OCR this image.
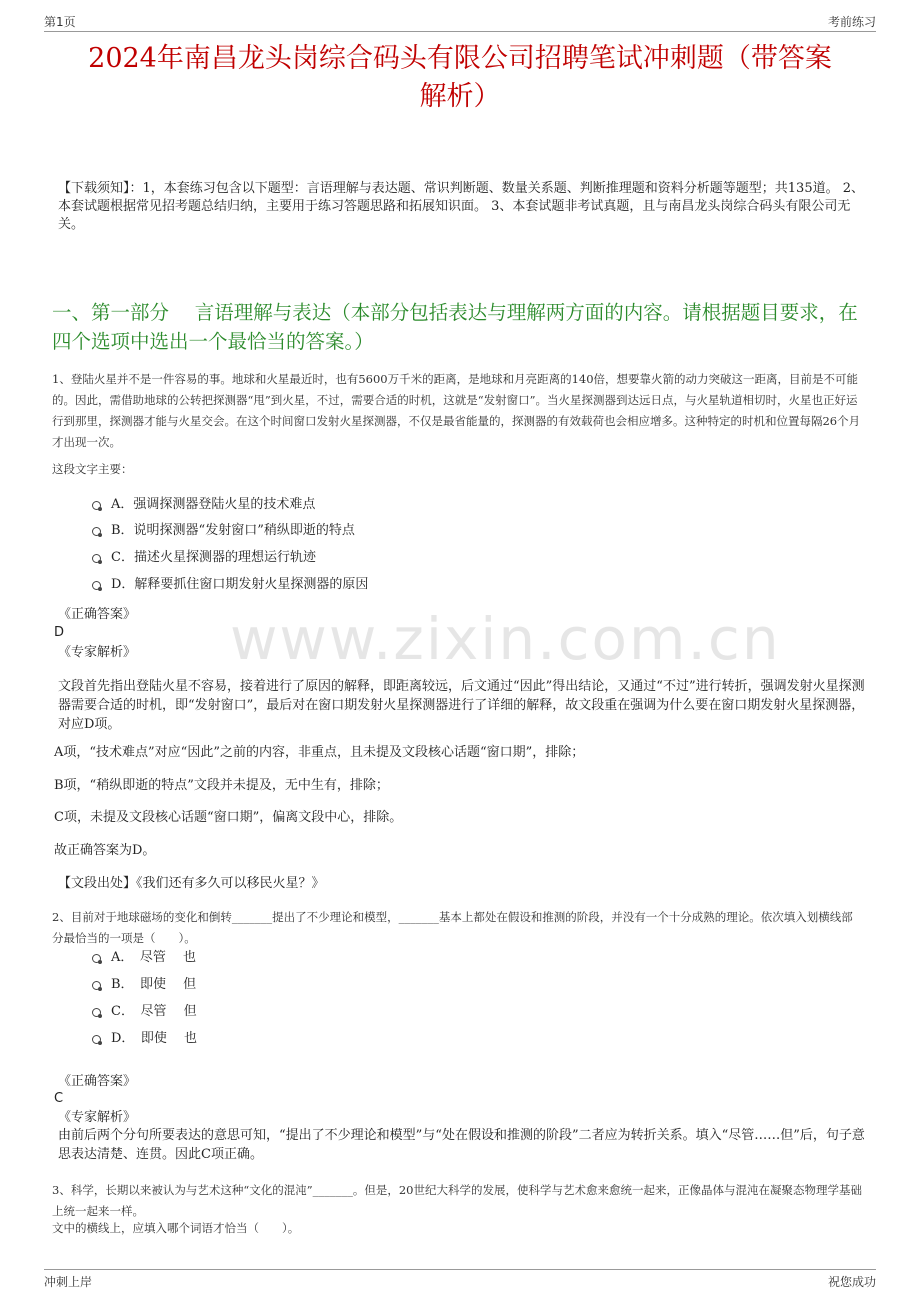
第1页	考前练习
2024年南昌龙头岗综合码头有限公司招聘笔试冲刺题（带答案
解析）
【下载须知】：1，本套练习包含以下题型：言语理解与表达题、常识判断题、数量关系题、判断推理题和资料分析题等题型；共135道。 2、本套试题根据常见招考题总结归纳，主要用于练习答题思路和拓展知识面。 3、本套试题非考试真题，且与南昌龙头岗综合码头有限公司无关。
一、第一部分　 言语理解与表达（本部分包括表达与理解两方面的内容。请根据题目要求，在四个选项中选出一个最恰当的答案。）
www.zixin.com.cn
1、登陆火星并不是一件容易的事。地球和火星最近时，也有5600万千米的距离，是地球和月亮距离的140倍，想要靠火箭的动力突破这一距离，目前是不可能的。因此，需借助地球的公转把探测器“甩”到火星，不过，需要合适的时机，这就是“发射窗口”。当火星探测器到达远日点，与火星轨道相切时，火星也正好运行到那里，探测器才能与火星交会。在这个时间窗口发射火星探测器，不仅是最省能量的，探测器的有效载荷也会相应增多。这种特定的时机和位置每隔26个月才出现一次。
这段文字主要：
A．强调探测器登陆火星的技术难点
B．说明探测器“发射窗口”稍纵即逝的特点
C．描述火星探测器的理想运行轨迹
D．解释要抓住窗口期发射火星探测器的原因
《正确答案》
D
《专家解析》
文段首先指出登陆火星不容易，接着进行了原因的解释，即距离较远，后文通过“因此”得出结论，又通过“不过”进行转折，强调发射火星探测器需要合适的时机，即“发射窗口”，最后对在窗口期发射火星探测器进行了详细的解释，故文段重在强调为什么要在窗口期发射火星探测器，对应D项。
A项，“技术难点”对应“因此”之前的内容，非重点，且未提及文段核心话题“窗口期”，排除；
B项，“稍纵即逝的特点”文段并未提及，无中生有，排除；
C项，未提及文段核心话题“窗口期”，偏离文段中心，排除。
故正确答案为D。
【文段出处】《我们还有多久可以移民火星？》
2、目前对于地球磁场的变化和倒转_______提出了不少理论和模型，_______基本上都处在假设和推测的阶段，并没有一个十分成熟的理论。依次填入划横线部分最恰当的一项是（　　）。
A．　尽管　 也
B．　即使　 但
C．　尽管　 但
D．　即使　 也
《正确答案》
C
《专家解析》
由前后两个分句所要表达的意思可知，“提出了不少理论和模型”与“处在假设和推测的阶段”二者应为转折关系。填入“尽管……但”后，句子意思表达清楚、连贯。因此C项正确。
3、科学，长期以来被认为与艺术这种“文化的混沌”_______。但是，20世纪大科学的发展，使科学与艺术愈来愈统一起来，正像晶体与混沌在凝聚态物理学基础上统一起来一样。
文中的横线上，应填入哪个词语才恰当（　　）。
冲刺上岸	祝您成功
